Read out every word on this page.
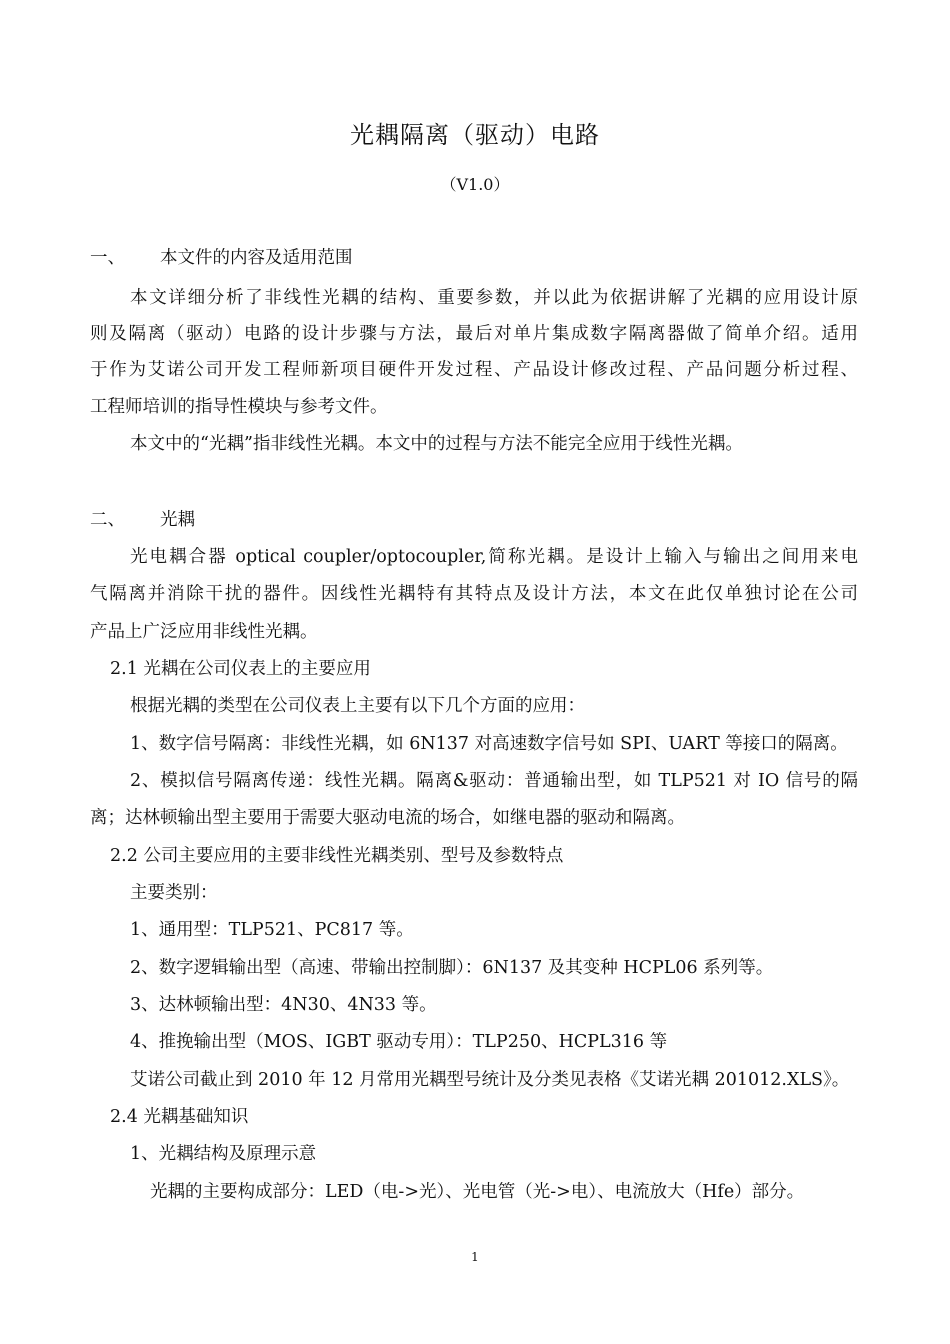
光耦隔离（驱动）电路
（V1.0）
一、 本文件的内容及适用范围
本文详细分析了非线性光耦的结构、重要参数，并以此为依据讲解了光耦的应用设计原
则及隔离（驱动）电路的设计步骤与方法，最后对单片集成数字隔离器做了简单介绍。适用
于作为艾诺公司开发工程师新项目硬件开发过程、产品设计修改过程、产品问题分析过程、
工程师培训的指导性模块与参考文件。
本文中的“光耦”指非线性光耦。本文中的过程与方法不能完全应用于线性光耦。
二、 光耦
光电耦合器 optical coupler/optocoupler,简称光耦。是设计上输入与输出之间用来电
气隔离并消除干扰的器件。因线性光耦特有其特点及设计方法，本文在此仅单独讨论在公司
产品上广泛应用非线性光耦。
2.1 光耦在公司仪表上的主要应用
根据光耦的类型在公司仪表上主要有以下几个方面的应用：
1、数字信号隔离：非线性光耦，如 6N137 对高速数字信号如 SPI、UART 等接口的隔离。
2、模拟信号隔离传递：线性光耦。隔离&驱动：普通输出型，如 TLP521 对 IO 信号的隔
离；达林顿输出型主要用于需要大驱动电流的场合，如继电器的驱动和隔离。
2.2 公司主要应用的主要非线性光耦类别、型号及参数特点
主要类别：
1、通用型：TLP521、PC817 等。
2、数字逻辑输出型（高速、带输出控制脚）：6N137 及其变种 HCPL06 系列等。
3、达林顿输出型：4N30、4N33 等。
4、推挽输出型（MOS、IGBT 驱动专用）：TLP250、HCPL316 等
艾诺公司截止到 2010 年 12 月常用光耦型号统计及分类见表格《艾诺光耦 201012.XLS》。
2.4 光耦基础知识
1、光耦结构及原理示意
光耦的主要构成部分：LED（电->光）、光电管（光->电）、电流放大（Hfe）部分。
1
